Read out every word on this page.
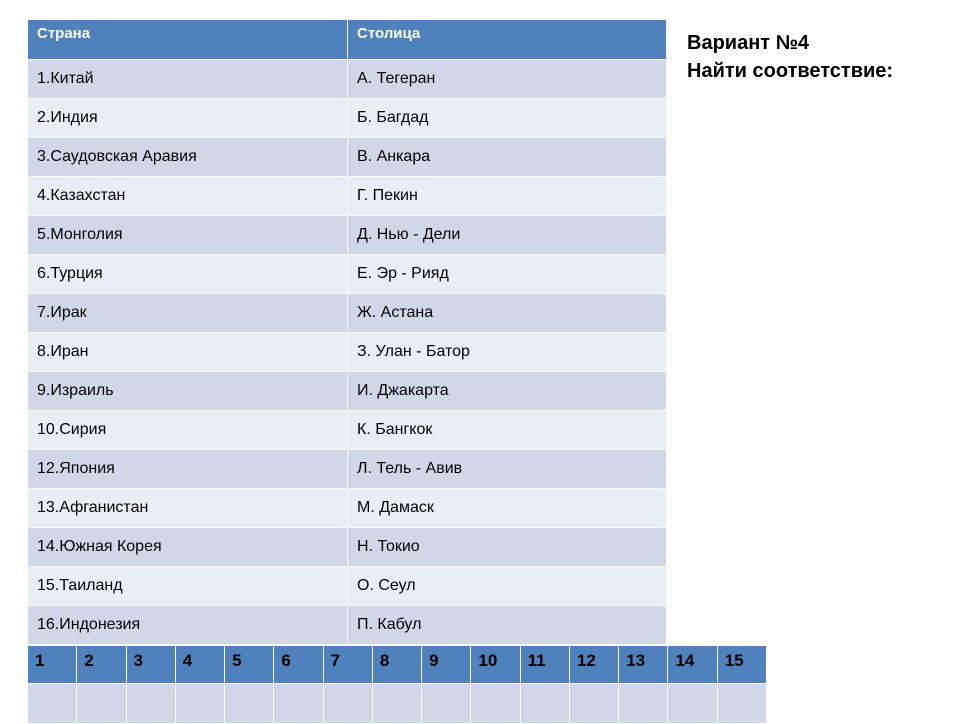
Страна	Столица
1.Китай	А. Тегеран
2.Индия	Б. Багдад
3.Саудовская Аравия	В. Анкара
4.Казахстан	Г. Пекин
5.Монголия	Д. Нью - Дели
6.Турция	Е. Эр - Рияд
7.Ирак	Ж. Астана
8.Иран	З. Улан - Батор
9.Израиль	И. Джакарта
10.Сирия	К. Бангкок
12.Япония	Л. Тель - Авив
13.Афганистан	М. Дамаск
14.Южная Корея	Н. Токио
15.Таиланд	О. Сеул
16.Индонезия	П. Кабул
Вариант №4
Найти соответствие:
1	2	3	4	5	6	7	8	9	10	11	12	13	14	15
